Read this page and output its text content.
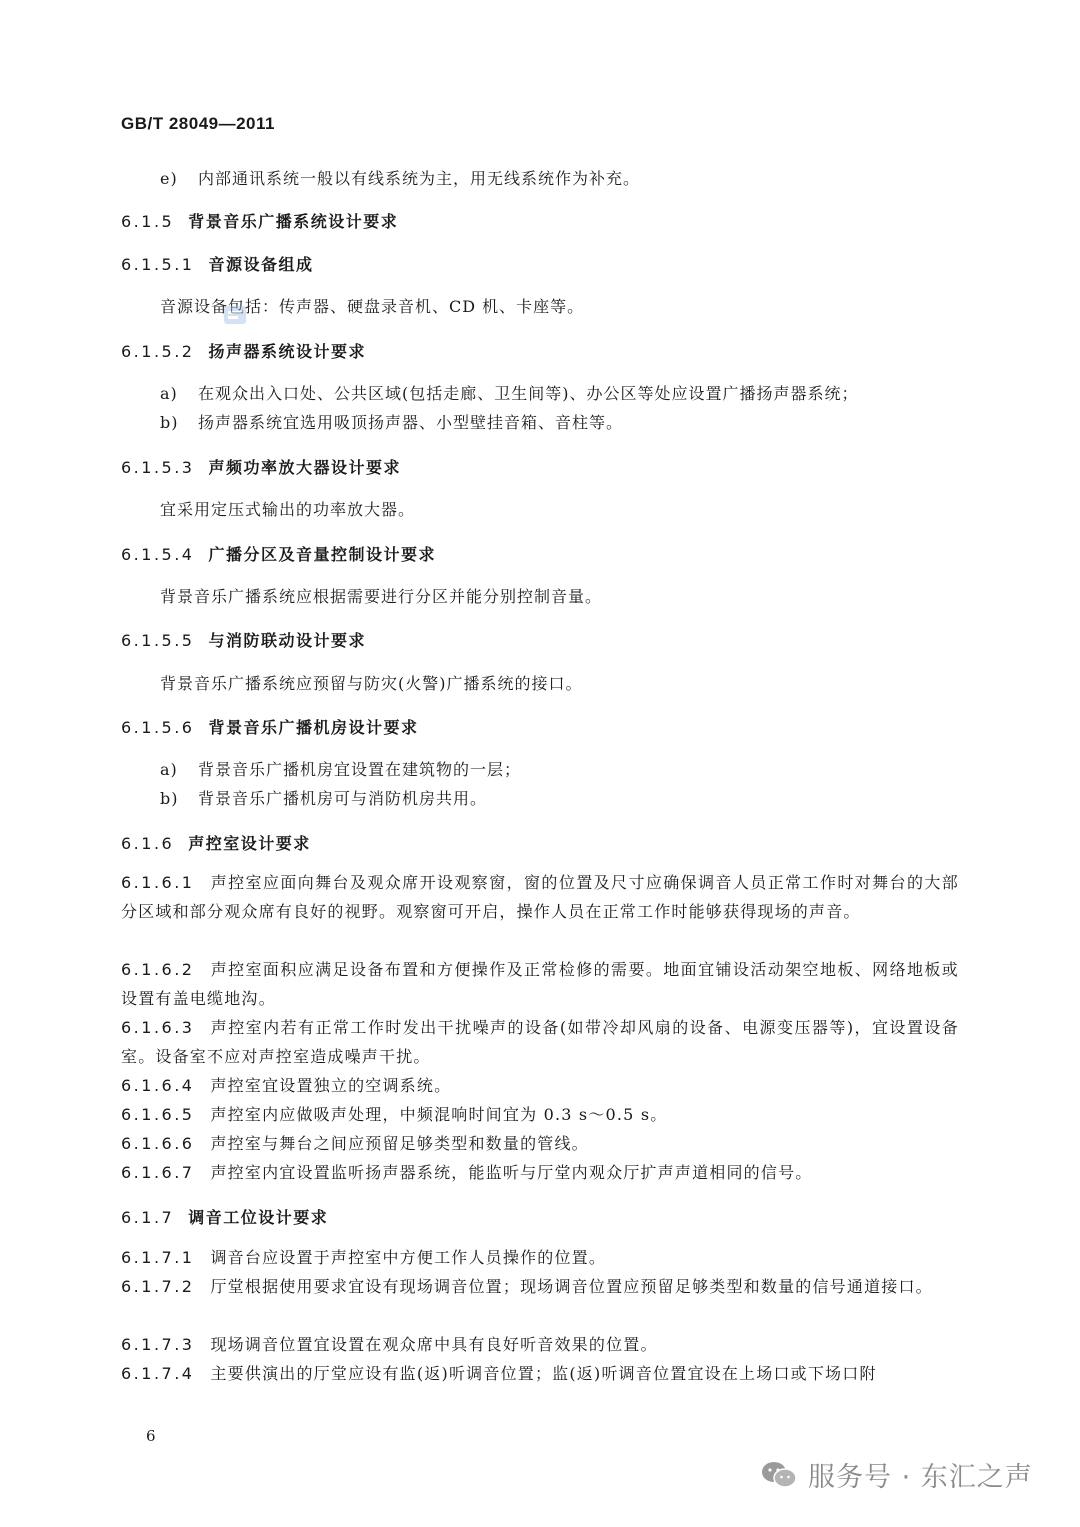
GB/T 28049—2011
e) 内部通讯系统一般以有线系统为主，用无线系统作为补充。
6.1.5 背景音乐广播系统设计要求
6.1.5.1 音源设备组成
音源设备包括：传声器、硬盘录音机、CD 机、卡座等。
6.1.5.2 扬声器系统设计要求
a) 在观众出入口处、公共区域(包括走廊、卫生间等)、办公区等处应设置广播扬声器系统；
b) 扬声器系统宜选用吸顶扬声器、小型壁挂音箱、音柱等。
6.1.5.3 声频功率放大器设计要求
宜采用定压式输出的功率放大器。
6.1.5.4 广播分区及音量控制设计要求
背景音乐广播系统应根据需要进行分区并能分别控制音量。
6.1.5.5 与消防联动设计要求
背景音乐广播系统应预留与防灾(火警)广播系统的接口。
6.1.5.6 背景音乐广播机房设计要求
a) 背景音乐广播机房宜设置在建筑物的一层；
b) 背景音乐广播机房可与消防机房共用。
6.1.6 声控室设计要求
6.1.6.1 声控室应面向舞台及观众席开设观察窗，窗的位置及尺寸应确保调音人员正常工作时对舞台的大部分区域和部分观众席有良好的视野。观察窗可开启，操作人员在正常工作时能够获得现场的声音。
6.1.6.2 声控室面积应满足设备布置和方便操作及正常检修的需要。地面宜铺设活动架空地板、网络地板或设置有盖电缆地沟。
6.1.6.3 声控室内若有正常工作时发出干扰噪声的设备(如带冷却风扇的设备、电源变压器等)，宜设置设备室。设备室不应对声控室造成噪声干扰。
6.1.6.4 声控室宜设置独立的空调系统。
6.1.6.5 声控室内应做吸声处理，中频混响时间宜为 0.3 s～0.5 s。
6.1.6.6 声控室与舞台之间应预留足够类型和数量的管线。
6.1.6.7 声控室内宜设置监听扬声器系统，能监听与厅堂内观众厅扩声声道相同的信号。
6.1.7 调音工位设计要求
6.1.7.1 调音台应设置于声控室中方便工作人员操作的位置。
6.1.7.2 厅堂根据使用要求宜设有现场调音位置；现场调音位置应预留足够类型和数量的信号通道接口。
6.1.7.3 现场调音位置宜设置在观众席中具有良好听音效果的位置。
6.1.7.4 主要供演出的厅堂应设有监(返)听调音位置；监(返)听调音位置宜设在上场口或下场口附
6
服务号 · 东汇之声
